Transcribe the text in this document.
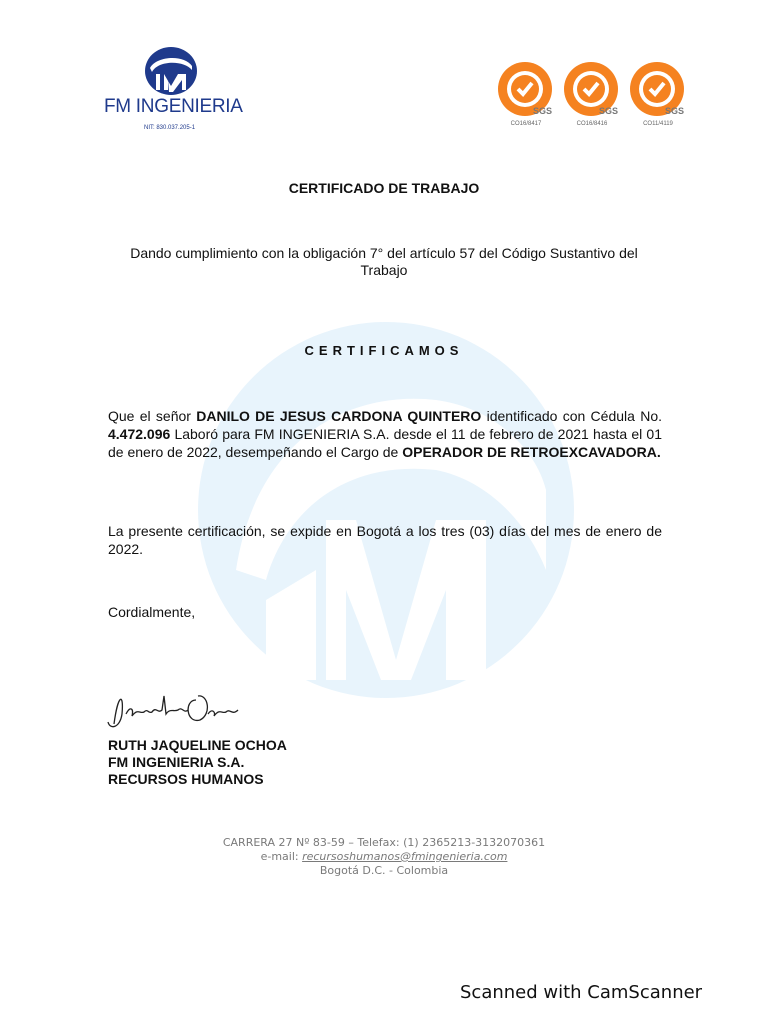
FM INGENIERIA
NIT: 830.037.205-1
SGS
CO16/8417
SGS
CO16/8416
SGS
CO11/4119
CERTIFICADO DE TRABAJO
Dando cumplimiento con la obligación 7° del artículo 57 del Código Sustantivo del Trabajo
CERTIFICAMOS
Que el señor DANILO DE JESUS CARDONA QUINTERO identificado con Cédula No. 4.472.096 Laboró para FM INGENIERIA S.A. desde el 11 de febrero de 2021 hasta el 01 de enero de 2022, desempeñando el Cargo de OPERADOR DE RETROEXCAVADORA.
La presente certificación, se expide en Bogotá a los tres (03) días del mes de enero de 2022.
Cordialmente,
RUTH JAQUELINE OCHOA
FM INGENIERIA S.A.
RECURSOS HUMANOS
CARRERA 27 Nº 83-59 – Telefax: (1) 2365213-3132070361
e-mail: recursoshumanos@fmingenieria.com
Bogotá D.C. - Colombia
Scanned with CamScanner
